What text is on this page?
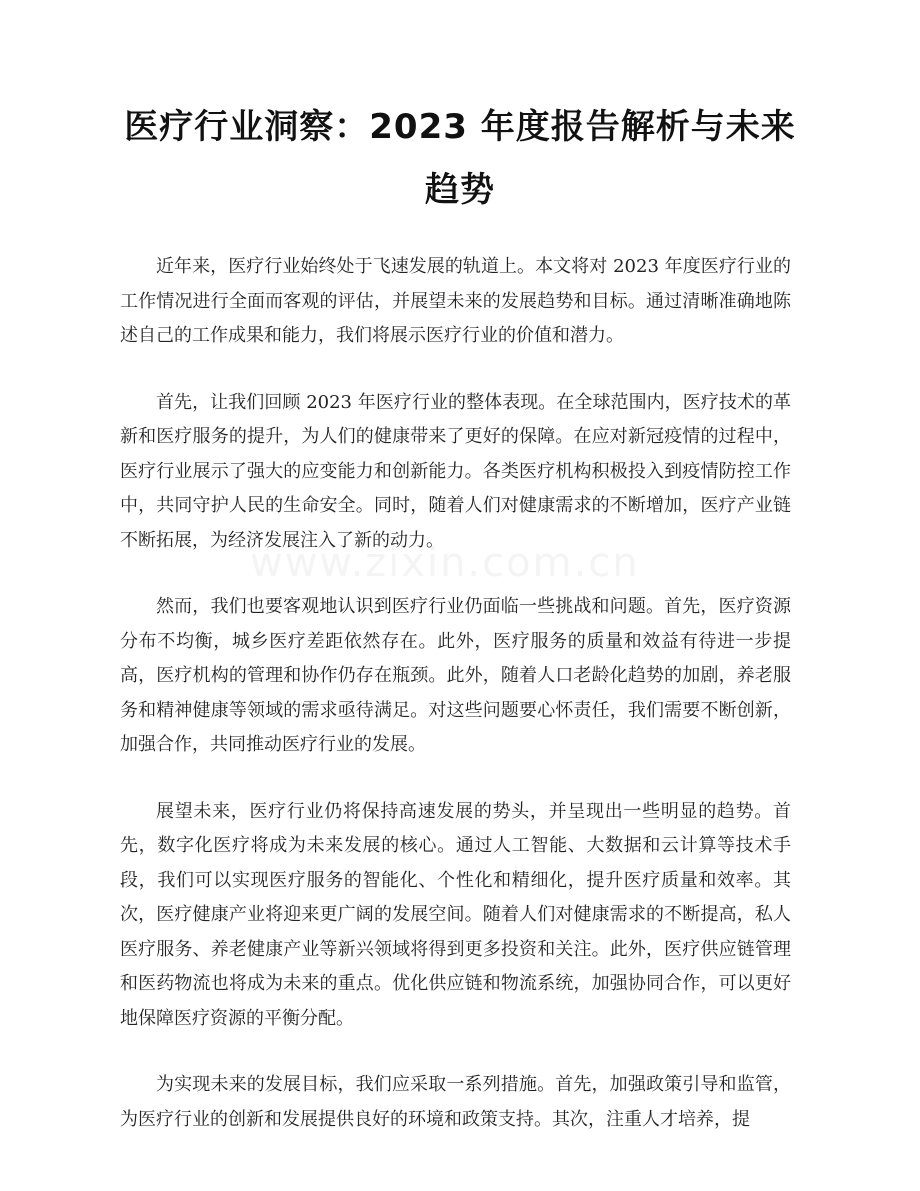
www.zixin.com.cn
医疗行业洞察：2023 年度报告解析与未来趋势

近年来，医疗行业始终处于飞速发展的轨道上。本文将对 2023 年度医疗行业的工作情况进行全面而客观的评估，并展望未来的发展趋势和目标。通过清晰准确地陈述自己的工作成果和能力，我们将展示医疗行业的价值和潜力。

首先，让我们回顾 2023 年医疗行业的整体表现。在全球范围内，医疗技术的革新和医疗服务的提升，为人们的健康带来了更好的保障。在应对新冠疫情的过程中，医疗行业展示了强大的应变能力和创新能力。各类医疗机构积极投入到疫情防控工作中，共同守护人民的生命安全。同时，随着人们对健康需求的不断增加，医疗产业链不断拓展，为经济发展注入了新的动力。

然而，我们也要客观地认识到医疗行业仍面临一些挑战和问题。首先，医疗资源分布不均衡，城乡医疗差距依然存在。此外，医疗服务的质量和效益有待进一步提高，医疗机构的管理和协作仍存在瓶颈。此外，随着人口老龄化趋势的加剧，养老服务和精神健康等领域的需求亟待满足。对这些问题要心怀责任，我们需要不断创新，加强合作，共同推动医疗行业的发展。

展望未来，医疗行业仍将保持高速发展的势头，并呈现出一些明显的趋势。首先，数字化医疗将成为未来发展的核心。通过人工智能、大数据和云计算等技术手段，我们可以实现医疗服务的智能化、个性化和精细化，提升医疗质量和效率。其次，医疗健康产业将迎来更广阔的发展空间。随着人们对健康需求的不断提高，私人医疗服务、养老健康产业等新兴领域将得到更多投资和关注。此外，医疗供应链管理和医药物流也将成为未来的重点。优化供应链和物流系统，加强协同合作，可以更好地保障医疗资源的平衡分配。

为实现未来的发展目标，我们应采取一系列措施。首先，加强政策引导和监管，为医疗行业的创新和发展提供良好的环境和政策支持。其次，注重人才培养，提
